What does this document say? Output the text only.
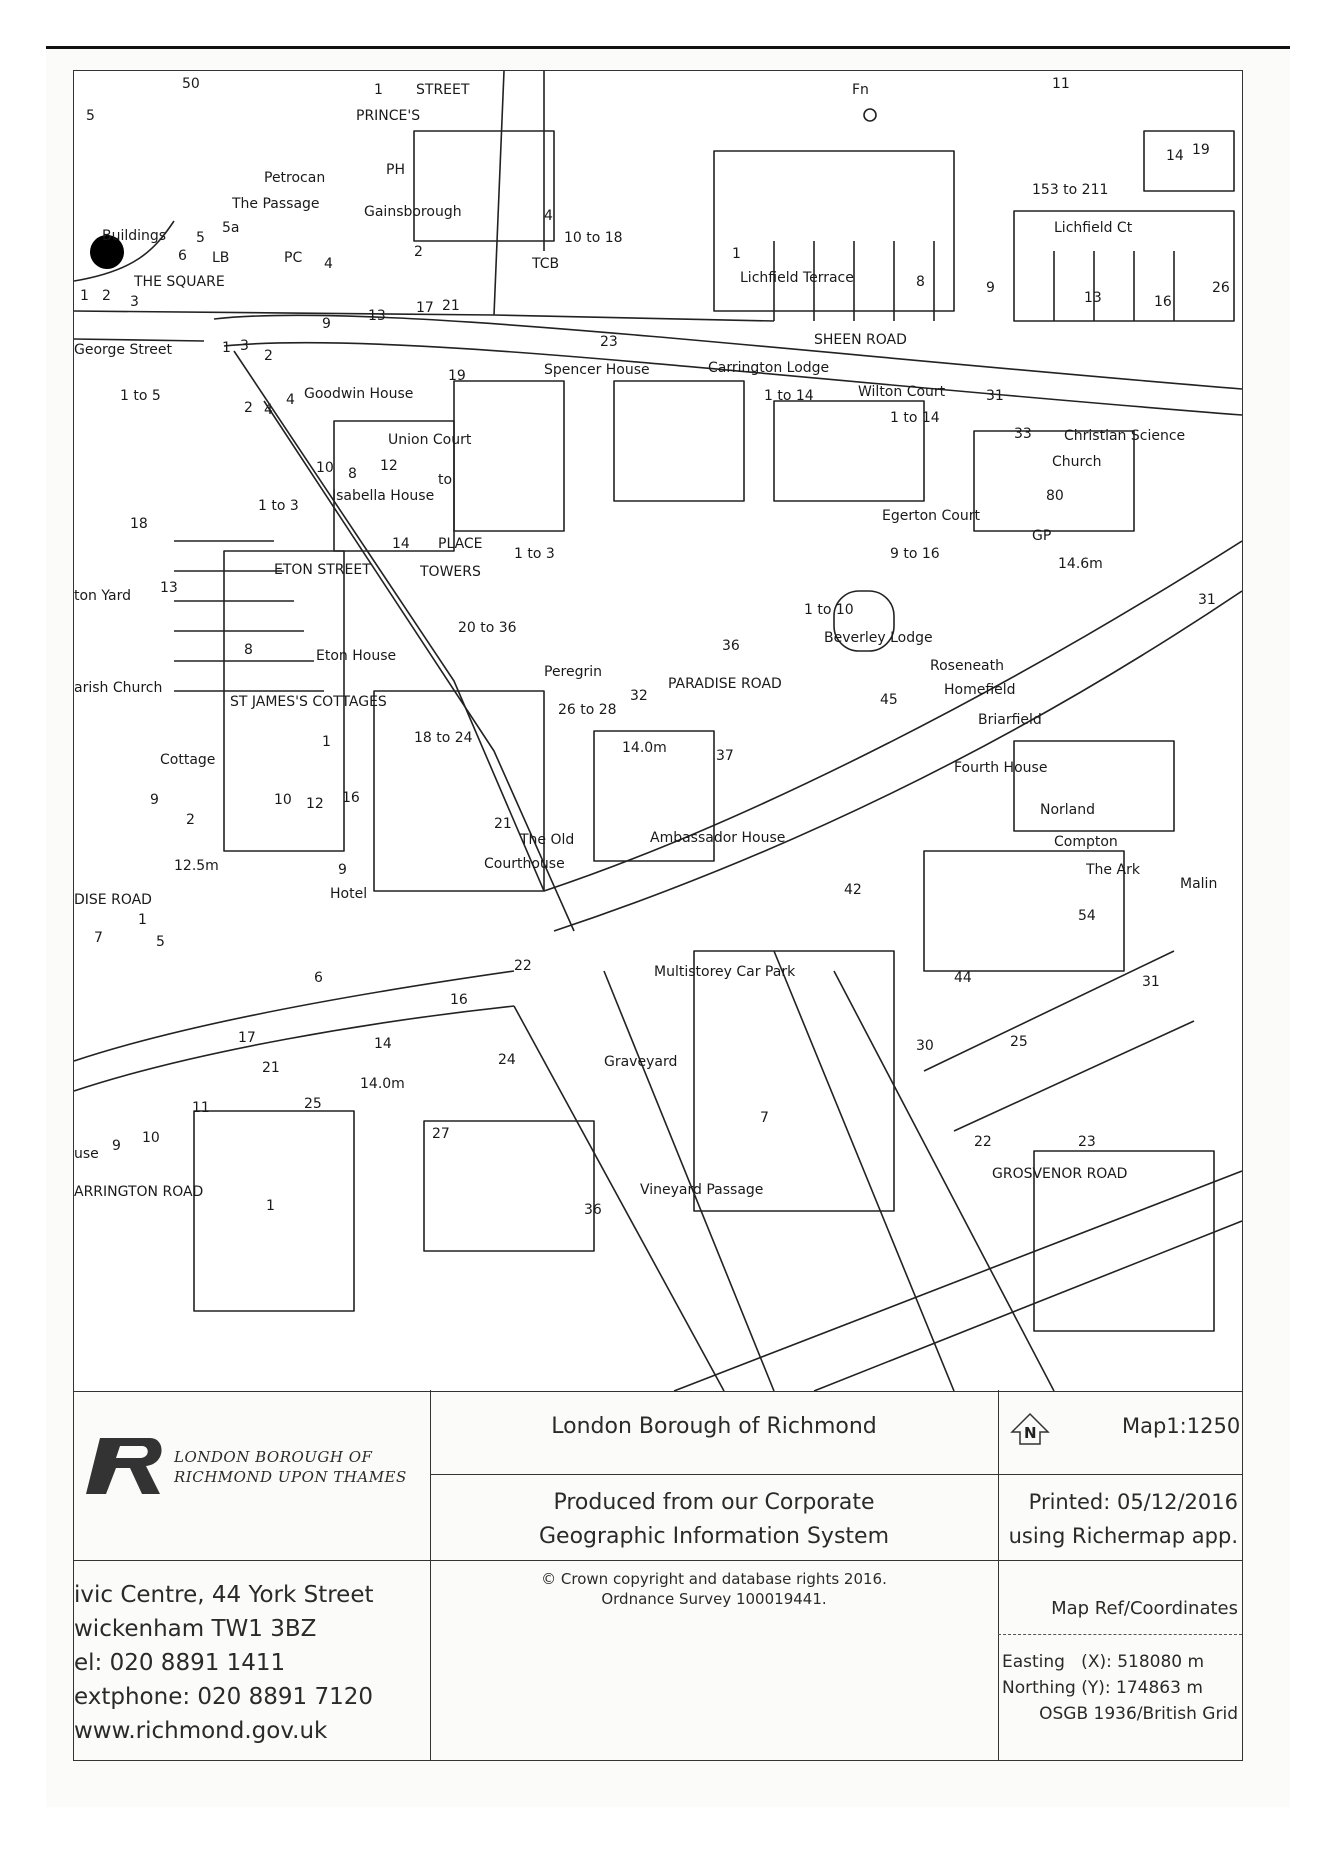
5
50	1 STREET
PRINCE'S
Petrocan	PH
The Passage	Gainsborough
Buildings 5
5a
6 LB	PC 4
2
4
10 to 18
TCB
THE SQUARE
Fn	11
14 19
153 to 211
Lichfield Ct
Lichfield Terrace
1
8	9
13	16
26
1 2 3
George Street
9	13 17 21
23	SHEEN ROAD
Spencer House	Carrington Lodge
1 to 14	Wilton Court
1 to 14
31
33 Christian Science
Church
1 to 5
1 3
2
2 4
4 Goodwin House
19
Union Court
10 8 12
to
Isabella House
1 to 3
18
80
Egerton Court
GP
9 to 16
14 PLACE
1 to 3
ETON STREET	TOWERS	14.6m
ton Yard 13
1 to 10
31
20 to 36
Eton House
8	36	Beverley Lodge
Peregrin	Roseneath
PARADISE ROAD	Homefield
arish Church
ST JAMES'S COTTAGES	32
26 to 28
45
Briarfield
18 to 24
14.0m
Cottage
1
37
Fourth House
9	10 12 16
Norland
2	21
The Old	Ambassador House	Compton
12.5m	9	Courthouse	The Ark
Malin
DISE ROAD	Hotel	42
1
7	5
54
22	Multistorey Car Park
6	44	31
16
17	30	25
14
21	24	Graveyard
14.0m
11	25
7
27	22	23
use 9 10
ARRINGTON ROAD
GROSVENOR ROAD
1	36
Vineyard Passage
LONDON BOROUGH OF
RICHMOND UPON THAMES
ivic Centre, 44 York Street
wickenham TW1 3BZ
el: 020 8891 1411
extphone: 020 8891 7120
www.richmond.gov.uk
London Borough of Richmond
Produced from our Corporate
Geographic Information System
© Crown copyright and database rights 2016.
Ordnance Survey 100019441.
N	Map1:1250
Printed: 05/12/2016
using Richermap app.
Map Ref/Coordinates
Easting   (X): 518080 m
Northing (Y): 174863 m
OSGB 1936/British Grid
